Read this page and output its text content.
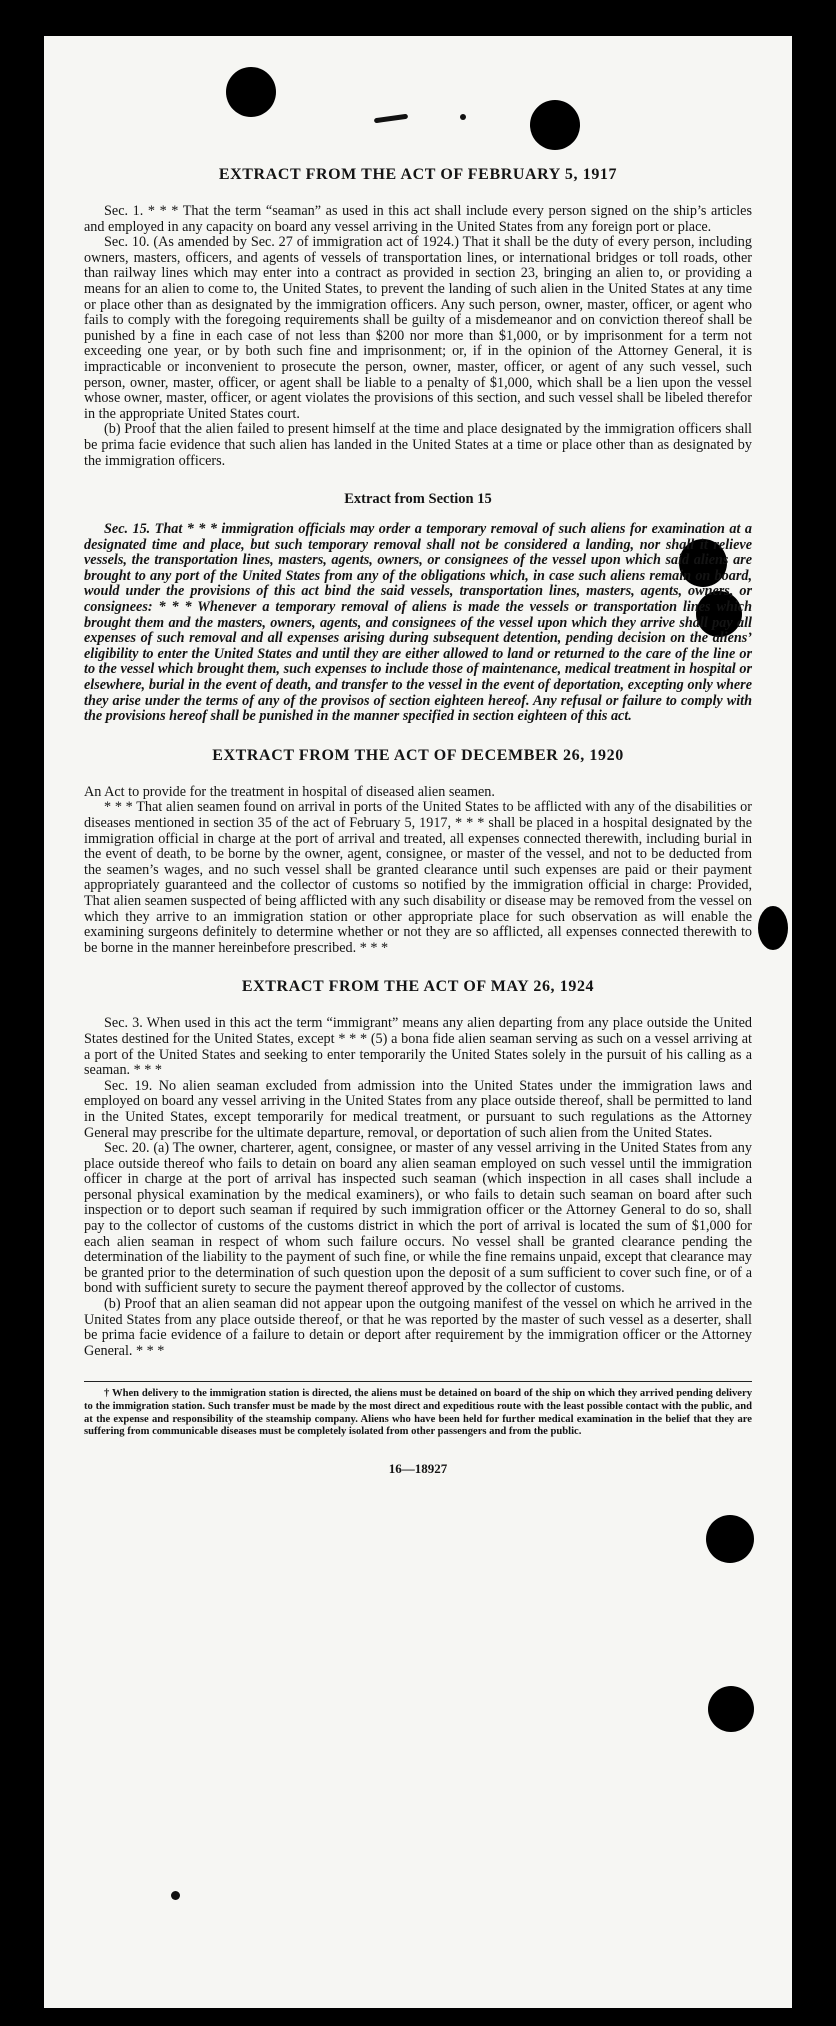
EXTRACT FROM THE ACT OF FEBRUARY 5, 1917

Sec. 1. * * * That the term “seaman” as used in this act shall include every person signed on the ship’s articles and employed in any capacity on board any vessel arriving in the United States from any foreign port or place.

Sec. 10. (As amended by Sec. 27 of immigration act of 1924.) That it shall be the duty of every person, including owners, masters, officers, and agents of vessels of transportation lines, or international bridges or toll roads, other than railway lines which may enter into a contract as provided in section 23, bringing an alien to, or providing a means for an alien to come to, the United States, to prevent the landing of such alien in the United States at any time or place other than as designated by the immigration officers. Any such person, owner, master, officer, or agent who fails to comply with the foregoing requirements shall be guilty of a misdemeanor and on conviction thereof shall be punished by a fine in each case of not less than $200 nor more than $1,000, or by imprisonment for a term not exceeding one year, or by both such fine and imprisonment; or, if in the opinion of the Attorney General, it is impracticable or inconvenient to prosecute the person, owner, master, officer, or agent of any such vessel, such person, owner, master, officer, or agent shall be liable to a penalty of $1,000, which shall be a lien upon the vessel whose owner, master, officer, or agent violates the provisions of this section, and such vessel shall be libeled therefor in the appropriate United States court.

(b) Proof that the alien failed to present himself at the time and place designated by the immigration officers shall be prima facie evidence that such alien has landed in the United States at a time or place other than as designated by the immigration officers.

Extract from Section 15

Sec. 15. That * * * immigration officials may order a temporary removal of such aliens for examination at a designated time and place, but such temporary removal shall not be considered a landing, nor shall it relieve vessels, the transportation lines, masters, agents, owners, or consignees of the vessel upon which said aliens are brought to any port of the United States from any of the obligations which, in case such aliens remain on board, would under the provisions of this act bind the said vessels, transportation lines, masters, agents, owners, or consignees: * * * Whenever a temporary removal of aliens is made the vessels or transportation lines which brought them and the masters, owners, agents, and consignees of the vessel upon which they arrive shall pay all expenses of such removal and all expenses arising during subsequent detention, pending decision on the aliens’ eligibility to enter the United States and until they are either allowed to land or returned to the care of the line or to the vessel which brought them, such expenses to include those of maintenance, medical treatment in hospital or elsewhere, burial in the event of death, and transfer to the vessel in the event of deportation, excepting only where they arise under the terms of any of the provisos of section eighteen hereof. Any refusal or failure to comply with the provisions hereof shall be punished in the manner specified in section eighteen of this act.

EXTRACT FROM THE ACT OF DECEMBER 26, 1920

An Act to provide for the treatment in hospital of diseased alien seamen.

* * * That alien seamen found on arrival in ports of the United States to be afflicted with any of the disabilities or diseases mentioned in section 35 of the act of February 5, 1917, * * * shall be placed in a hospital designated by the immigration official in charge at the port of arrival and treated, all expenses connected therewith, including burial in the event of death, to be borne by the owner, agent, consignee, or master of the vessel, and not to be deducted from the seamen’s wages, and no such vessel shall be granted clearance until such expenses are paid or their payment appropriately guaranteed and the collector of customs so notified by the immigration official in charge: Provided, That alien seamen suspected of being afflicted with any such disability or disease may be removed from the vessel on which they arrive to an immigration station or other appropriate place for such observation as will enable the examining surgeons definitely to determine whether or not they are so afflicted, all expenses connected therewith to be borne in the manner hereinbefore prescribed. * * *

EXTRACT FROM THE ACT OF MAY 26, 1924

Sec. 3. When used in this act the term “immigrant” means any alien departing from any place outside the United States destined for the United States, except * * * (5) a bona fide alien seaman serving as such on a vessel arriving at a port of the United States and seeking to enter temporarily the United States solely in the pursuit of his calling as a seaman. * * *

Sec. 19. No alien seaman excluded from admission into the United States under the immigration laws and employed on board any vessel arriving in the United States from any place outside thereof, shall be permitted to land in the United States, except temporarily for medical treatment, or pursuant to such regulations as the Attorney General may prescribe for the ultimate departure, removal, or deportation of such alien from the United States.

Sec. 20. (a) The owner, charterer, agent, consignee, or master of any vessel arriving in the United States from any place outside thereof who fails to detain on board any alien seaman employed on such vessel until the immigration officer in charge at the port of arrival has inspected such seaman (which inspection in all cases shall include a personal physical examination by the medical examiners), or who fails to detain such seaman on board after such inspection or to deport such seaman if required by such immigration officer or the Attorney General to do so, shall pay to the collector of customs of the customs district in which the port of arrival is located the sum of $1,000 for each alien seaman in respect of whom such failure occurs. No vessel shall be granted clearance pending the determination of the liability to the payment of such fine, or while the fine remains unpaid, except that clearance may be granted prior to the determination of such question upon the deposit of a sum sufficient to cover such fine, or of a bond with sufficient surety to secure the payment thereof approved by the collector of customs.

(b) Proof that an alien seaman did not appear upon the outgoing manifest of the vessel on which he arrived in the United States from any place outside thereof, or that he was reported by the master of such vessel as a deserter, shall be prima facie evidence of a failure to detain or deport after requirement by the immigration officer or the Attorney General. * * *

† When delivery to the immigration station is directed, the aliens must be detained on board of the ship on which they arrived pending delivery to the immigration station. Such transfer must be made by the most direct and expeditious route with the least possible contact with the public, and at the expense and responsibility of the steamship company. Aliens who have been held for further medical examination in the belief that they are suffering from communicable diseases must be completely isolated from other passengers and from the public.

16—18927
